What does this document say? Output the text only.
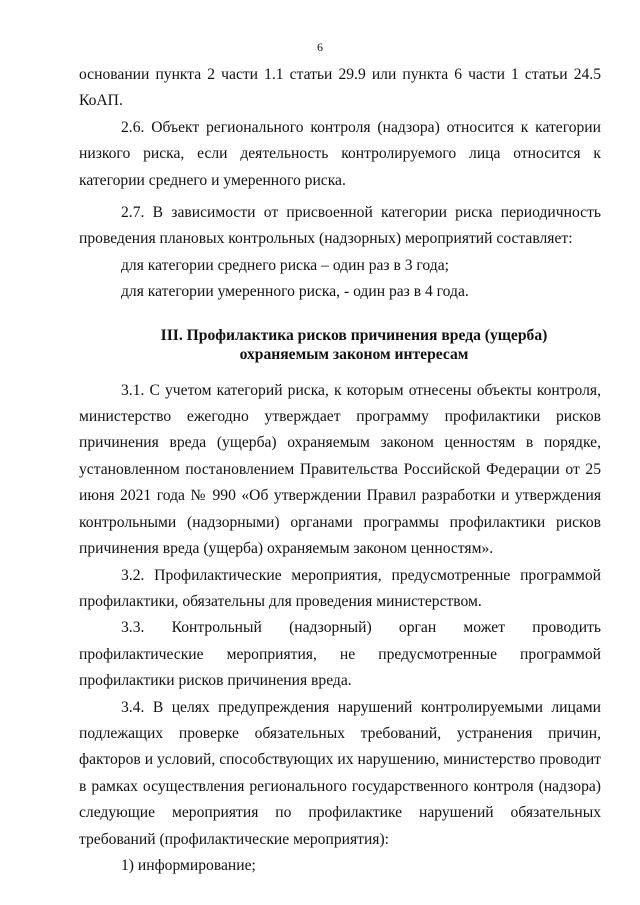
6

основании пункта 2 части 1.1 статьи 29.9 или пункта 6 части 1 статьи 24.5 КоАП.

2.6. Объект регионального контроля (надзора) относится к категории низкого риска, если деятельность контролируемого лица относится к категории среднего и умеренного риска.

2.7. В зависимости от присвоенной категории риска периодичность проведения плановых контрольных (надзорных) мероприятий составляет:

для категории среднего риска – один раз в 3 года;

для категории умеренного риска, - один раз в 4 года.

III. Профилактика рисков причинения вреда (ущерба)
охраняемым законом интересам

3.1. С учетом категорий риска, к которым отнесены объекты контроля, министерство ежегодно утверждает программу профилактики рисков причинения вреда (ущерба) охраняемым законом ценностям в порядке, установленном постановлением Правительства Российской Федерации от 25 июня 2021 года № 990 «Об утверждении Правил разработки и утверждения контрольными (надзорными) органами программы профилактики рисков причинения вреда (ущерба) охраняемым законом ценностям».

3.2. Профилактические мероприятия, предусмотренные программой профилактики, обязательны для проведения министерством.

3.3. Контрольный (надзорный) орган может проводить профилактические мероприятия, не предусмотренные программой профилактики рисков причинения вреда.

3.4. В целях предупреждения нарушений контролируемыми лицами подлежащих проверке обязательных требований, устранения причин, факторов и условий, способствующих их нарушению, министерство проводит в рамках осуществления регионального государственного контроля (надзора) следующие мероприятия по профилактике нарушений обязательных требований (профилактические мероприятия):

1) информирование;
